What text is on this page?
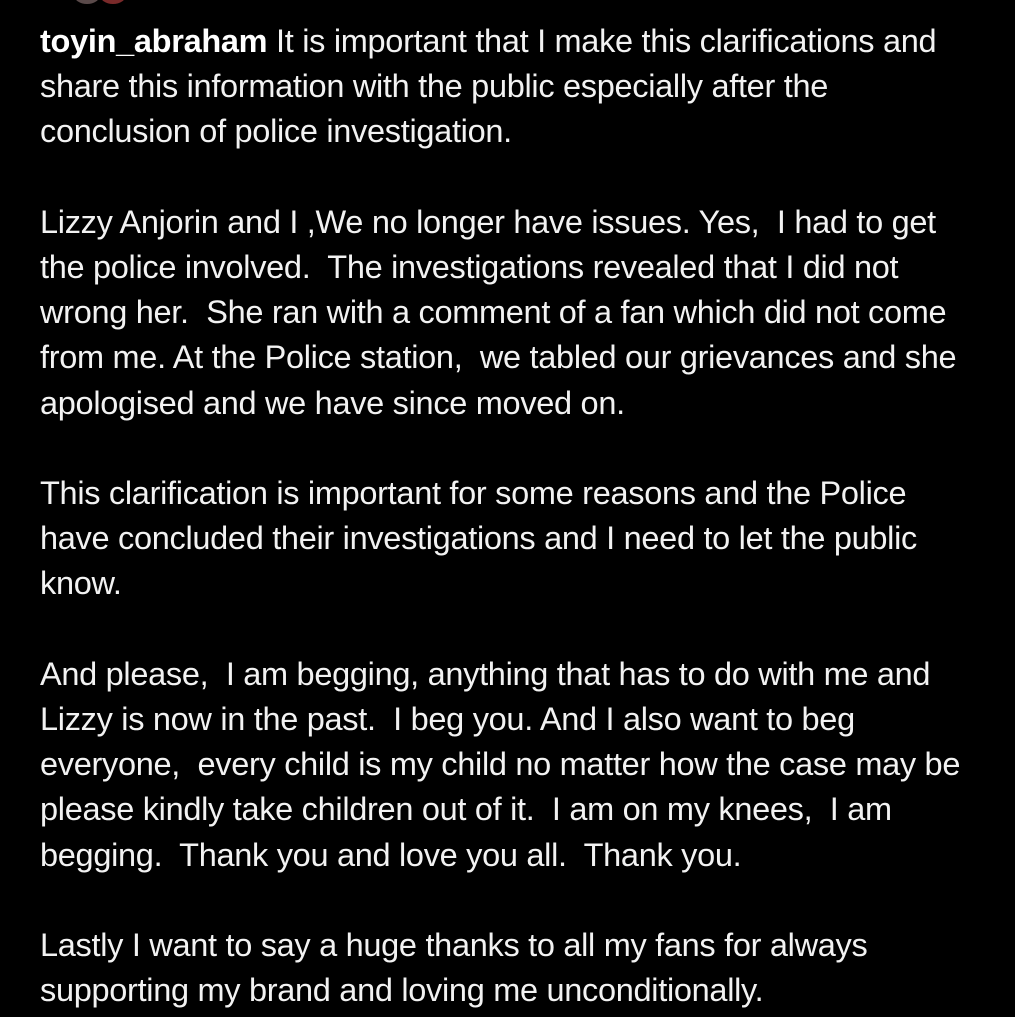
toyin_abraham It is important that I make this clarifications and share this information with the public especially after the conclusion of police investigation.

Lizzy Anjorin and I ,We no longer have issues. Yes,  I had to get the police involved.  The investigations revealed that I did not wrong her.  She ran with a comment of a fan which did not come from me. At the Police station,  we tabled our grievances and she apologised and we have since moved on.

This clarification is important for some reasons and the Police have concluded their investigations and I need to let the public know.

And please,  I am begging, anything that has to do with me and Lizzy is now in the past.  I beg you. And I also want to beg everyone,  every child is my child no matter how the case may be please kindly take children out of it.  I am on my knees,  I am begging.  Thank you and love you all.  Thank you.

Lastly I want to say a huge thanks to all my fans for always supporting my brand and loving me unconditionally.
